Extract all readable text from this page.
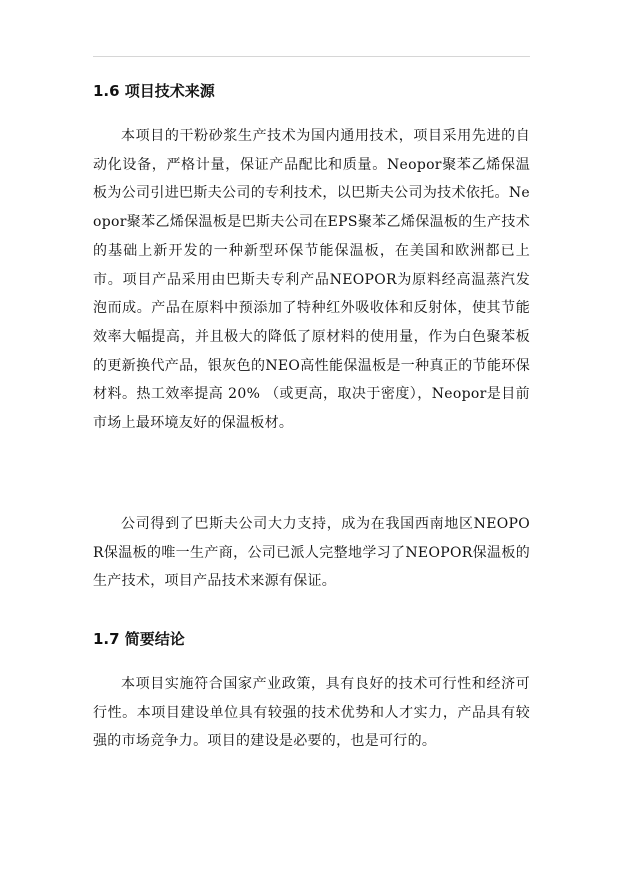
1.6 项目技术来源

本项目的干粉砂浆生产技术为国内通用技术，项目采用先进的自动化设备，严格计量，保证产品配比和质量。Neopor聚苯乙烯保温板为公司引进巴斯夫公司的专利技术，以巴斯夫公司为技术依托。Neopor聚苯乙烯保温板是巴斯夫公司在EPS聚苯乙烯保温板的生产技术的基础上新开发的一种新型环保节能保温板，在美国和欧洲都已上市。项目产品采用由巴斯夫专利产品NEOPOR为原料经高温蒸汽发泡而成。产品在原料中预添加了特种红外吸收体和反射体，使其节能效率大幅提高，并且极大的降低了原材料的使用量，作为白色聚苯板的更新换代产品，银灰色的NEO高性能保温板是一种真正的节能环保材料。热工效率提高 20% （或更高，取决于密度），Neopor是目前市场上最环境友好的保温板材。

公司得到了巴斯夫公司大力支持，成为在我国西南地区NEOPOR保温板的唯一生产商，公司已派人完整地学习了NEOPOR保温板的生产技术，项目产品技术来源有保证。

1.7 简要结论

本项目实施符合国家产业政策，具有良好的技术可行性和经济可行性。本项目建设单位具有较强的技术优势和人才实力，产品具有较强的市场竞争力。项目的建设是必要的，也是可行的。
